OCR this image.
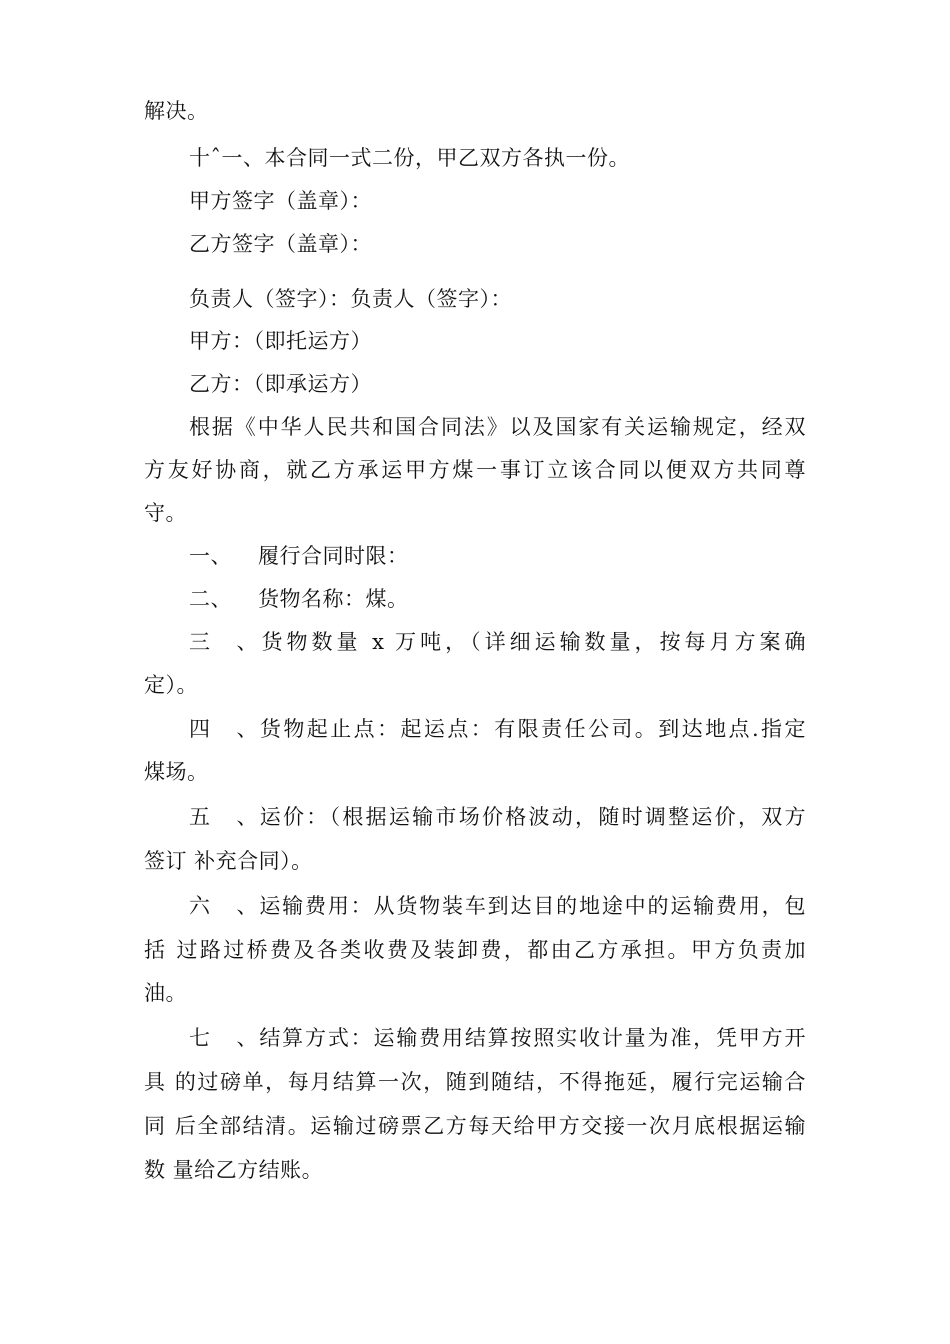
解决。
十ˆ一、本合同一式二份，甲乙双方各执一份。
甲方签字（盖章）：
乙方签字（盖章）：
负责人（签字）：负责人（签字）：
甲方：（即托运方）
乙方：（即承运方）
根据《中华人民共和国合同法》以及国家有关运输规定，经双
方友好协商，就乙方承运甲方煤一事订立该合同以便双方共同尊
守。
一、 履行合同时限：
二、 货物名称：煤。
三、货物数量 x 万吨，（详细运输数量，按每月方案确
定）。
四、货物起止点：起运点：有限责任公司。到达地点.指定
煤场。
五、运价：（根据运输市场价格波动，随时调整运价，双方
签订 补充合同）。
六、运输费用：从货物装车到达目的地途中的运输费用，包
括 过路过桥费及各类收费及装卸费，都由乙方承担。甲方负责加
油。
七、结算方式：运输费用结算按照实收计量为准，凭甲方开
具 的过磅单，每月结算一次，随到随结，不得拖延，履行完运输合
同 后全部结清。运输过磅票乙方每天给甲方交接一次月底根据运输
数 量给乙方结账。
